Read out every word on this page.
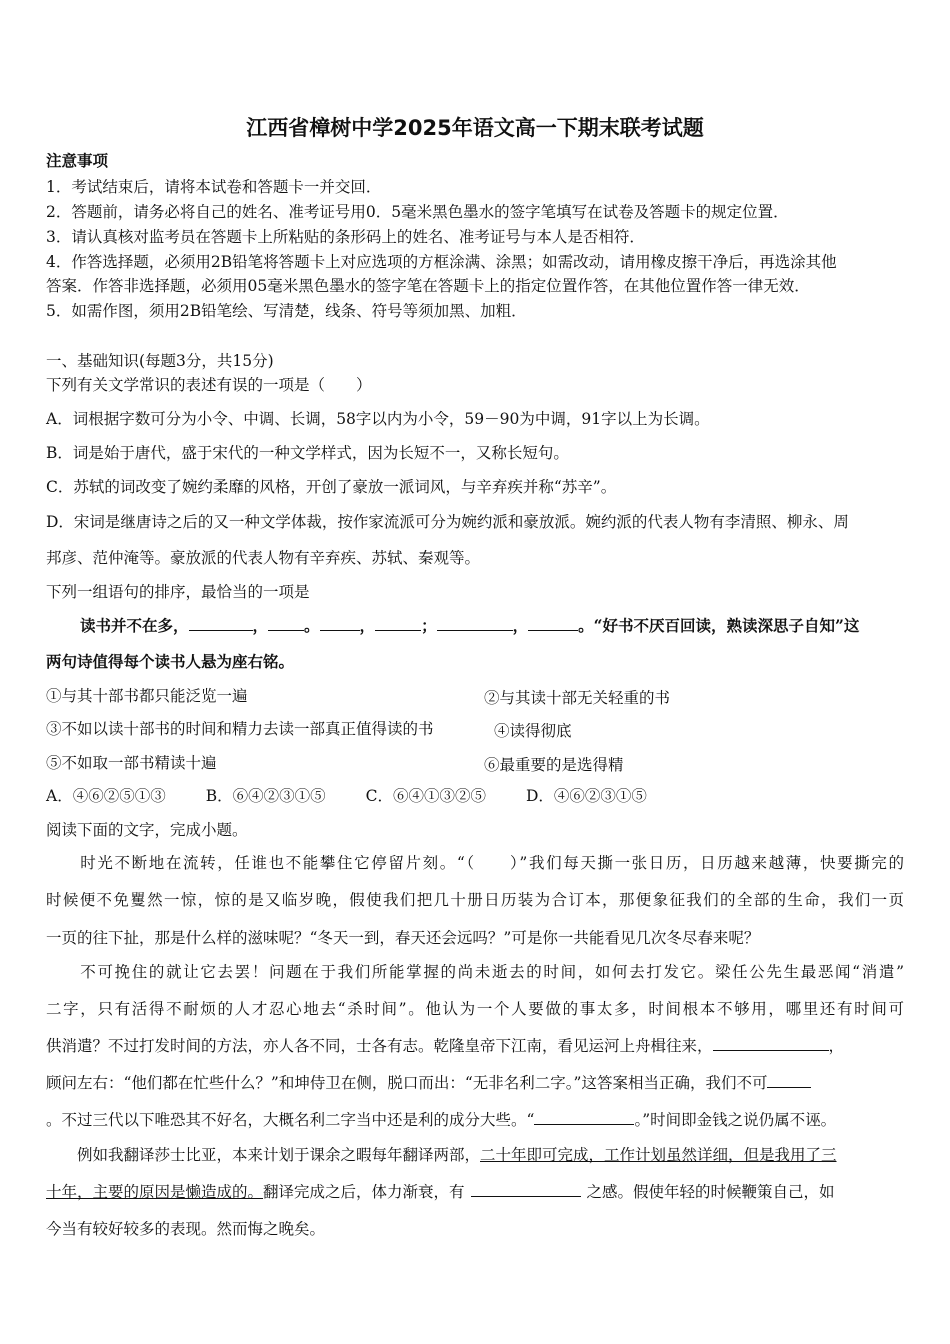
江西省樟树中学2025年语文高一下期末联考试题
注意事项
1．考试结束后，请将本试卷和答题卡一并交回．
2．答题前，请务必将自己的姓名、准考证号用0．5毫米黑色墨水的签字笔填写在试卷及答题卡的规定位置．
3．请认真核对监考员在答题卡上所粘贴的条形码上的姓名、准考证号与本人是否相符．
4．作答选择题，必须用2B铅笔将答题卡上对应选项的方框涂满、涂黑；如需改动，请用橡皮擦干净后，再选涂其他
答案．作答非选择题，必须用05毫米黑色墨水的签字笔在答题卡上的指定位置作答，在其他位置作答一律无效．
5．如需作图，须用2B铅笔绘、写清楚，线条、符号等须加黑、加粗．
一、基础知识(每题3分，共15分)
下列有关文学常识的表述有误的一项是（　　）
A．词根据字数可分为小令、中调、长调，58字以内为小令，59－90为中调，91字以上为长调。
B．词是始于唐代，盛于宋代的一种文学样式，因为长短不一，又称长短句。
C．苏轼的词改变了婉约柔靡的风格，开创了豪放一派词风，与辛弃疾并称“苏辛”。
D．宋词是继唐诗之后的又一种文学体裁，按作家流派可分为婉约派和豪放派。婉约派的代表人物有李清照、柳永、周
邦彦、范仲淹等。豪放派的代表人物有辛弃疾、苏轼、秦观等。
下列一组语句的排序，最恰当的一项是
读书并不在多，	， 。	，	；	，	。“好书不厌百回读，熟读深思子自知”这
两句诗值得每个读书人悬为座右铭。
①与其十部书都只能泛览一遍	②与其读十部无关轻重的书
③不如以读十部书的时间和精力去读一部真正值得读的书	④读得彻底
⑤不如取一部书精读十遍	⑥最重要的是选得精
A．④⑥②⑤①③	B．⑥④②③①⑤	C．⑥④①③②⑤	D．④⑥②③①⑤
阅读下面的文字，完成小题。
　　时光不断地在流转，任谁也不能攀住它停留片刻。“（　　）”我们每天撕一张日历，日历越来越薄，快要撕完的
时候便不免矍然一惊，惊的是又临岁晚，假使我们把几十册日历装为合订本，那便象征我们的全部的生命，我们一页
一页的往下扯，那是什么样的滋味呢？“冬天一到，春天还会远吗？”可是你一共能看见几次冬尽春来呢？
　　不可挽住的就让它去罢！问题在于我们所能掌握的尚未逝去的时间，如何去打发它。梁任公先生最恶闻“消遣”
二字，只有活得不耐烦的人才忍心地去“杀时间”。他认为一个人要做的事太多，时间根本不够用，哪里还有时间可
供消遣？不过打发时间的方法，亦人各不同，士各有志。乾隆皇帝下江南，看见运河上舟楫往来，	，
顾问左右：“他们都在忙些什么？”和坤侍卫在侧，脱口而出：“无非名利二字。”这答案相当正确，我们不可
。不过三代以下唯恐其不好名，大概名利二字当中还是利的成分大些。“	。”时间即金钱之说仍属不诬。
　　例如我翻译莎士比亚，本来计划于课余之暇每年翻译两部，二十年即可完成，工作计划虽然详细，但是我用了三
十年，主要的原因是懒造成的。翻译完成之后，体力渐衰，有	之感。假使年轻的时候鞭策自己，如
今当有较好较多的表现。然而悔之晚矣。
